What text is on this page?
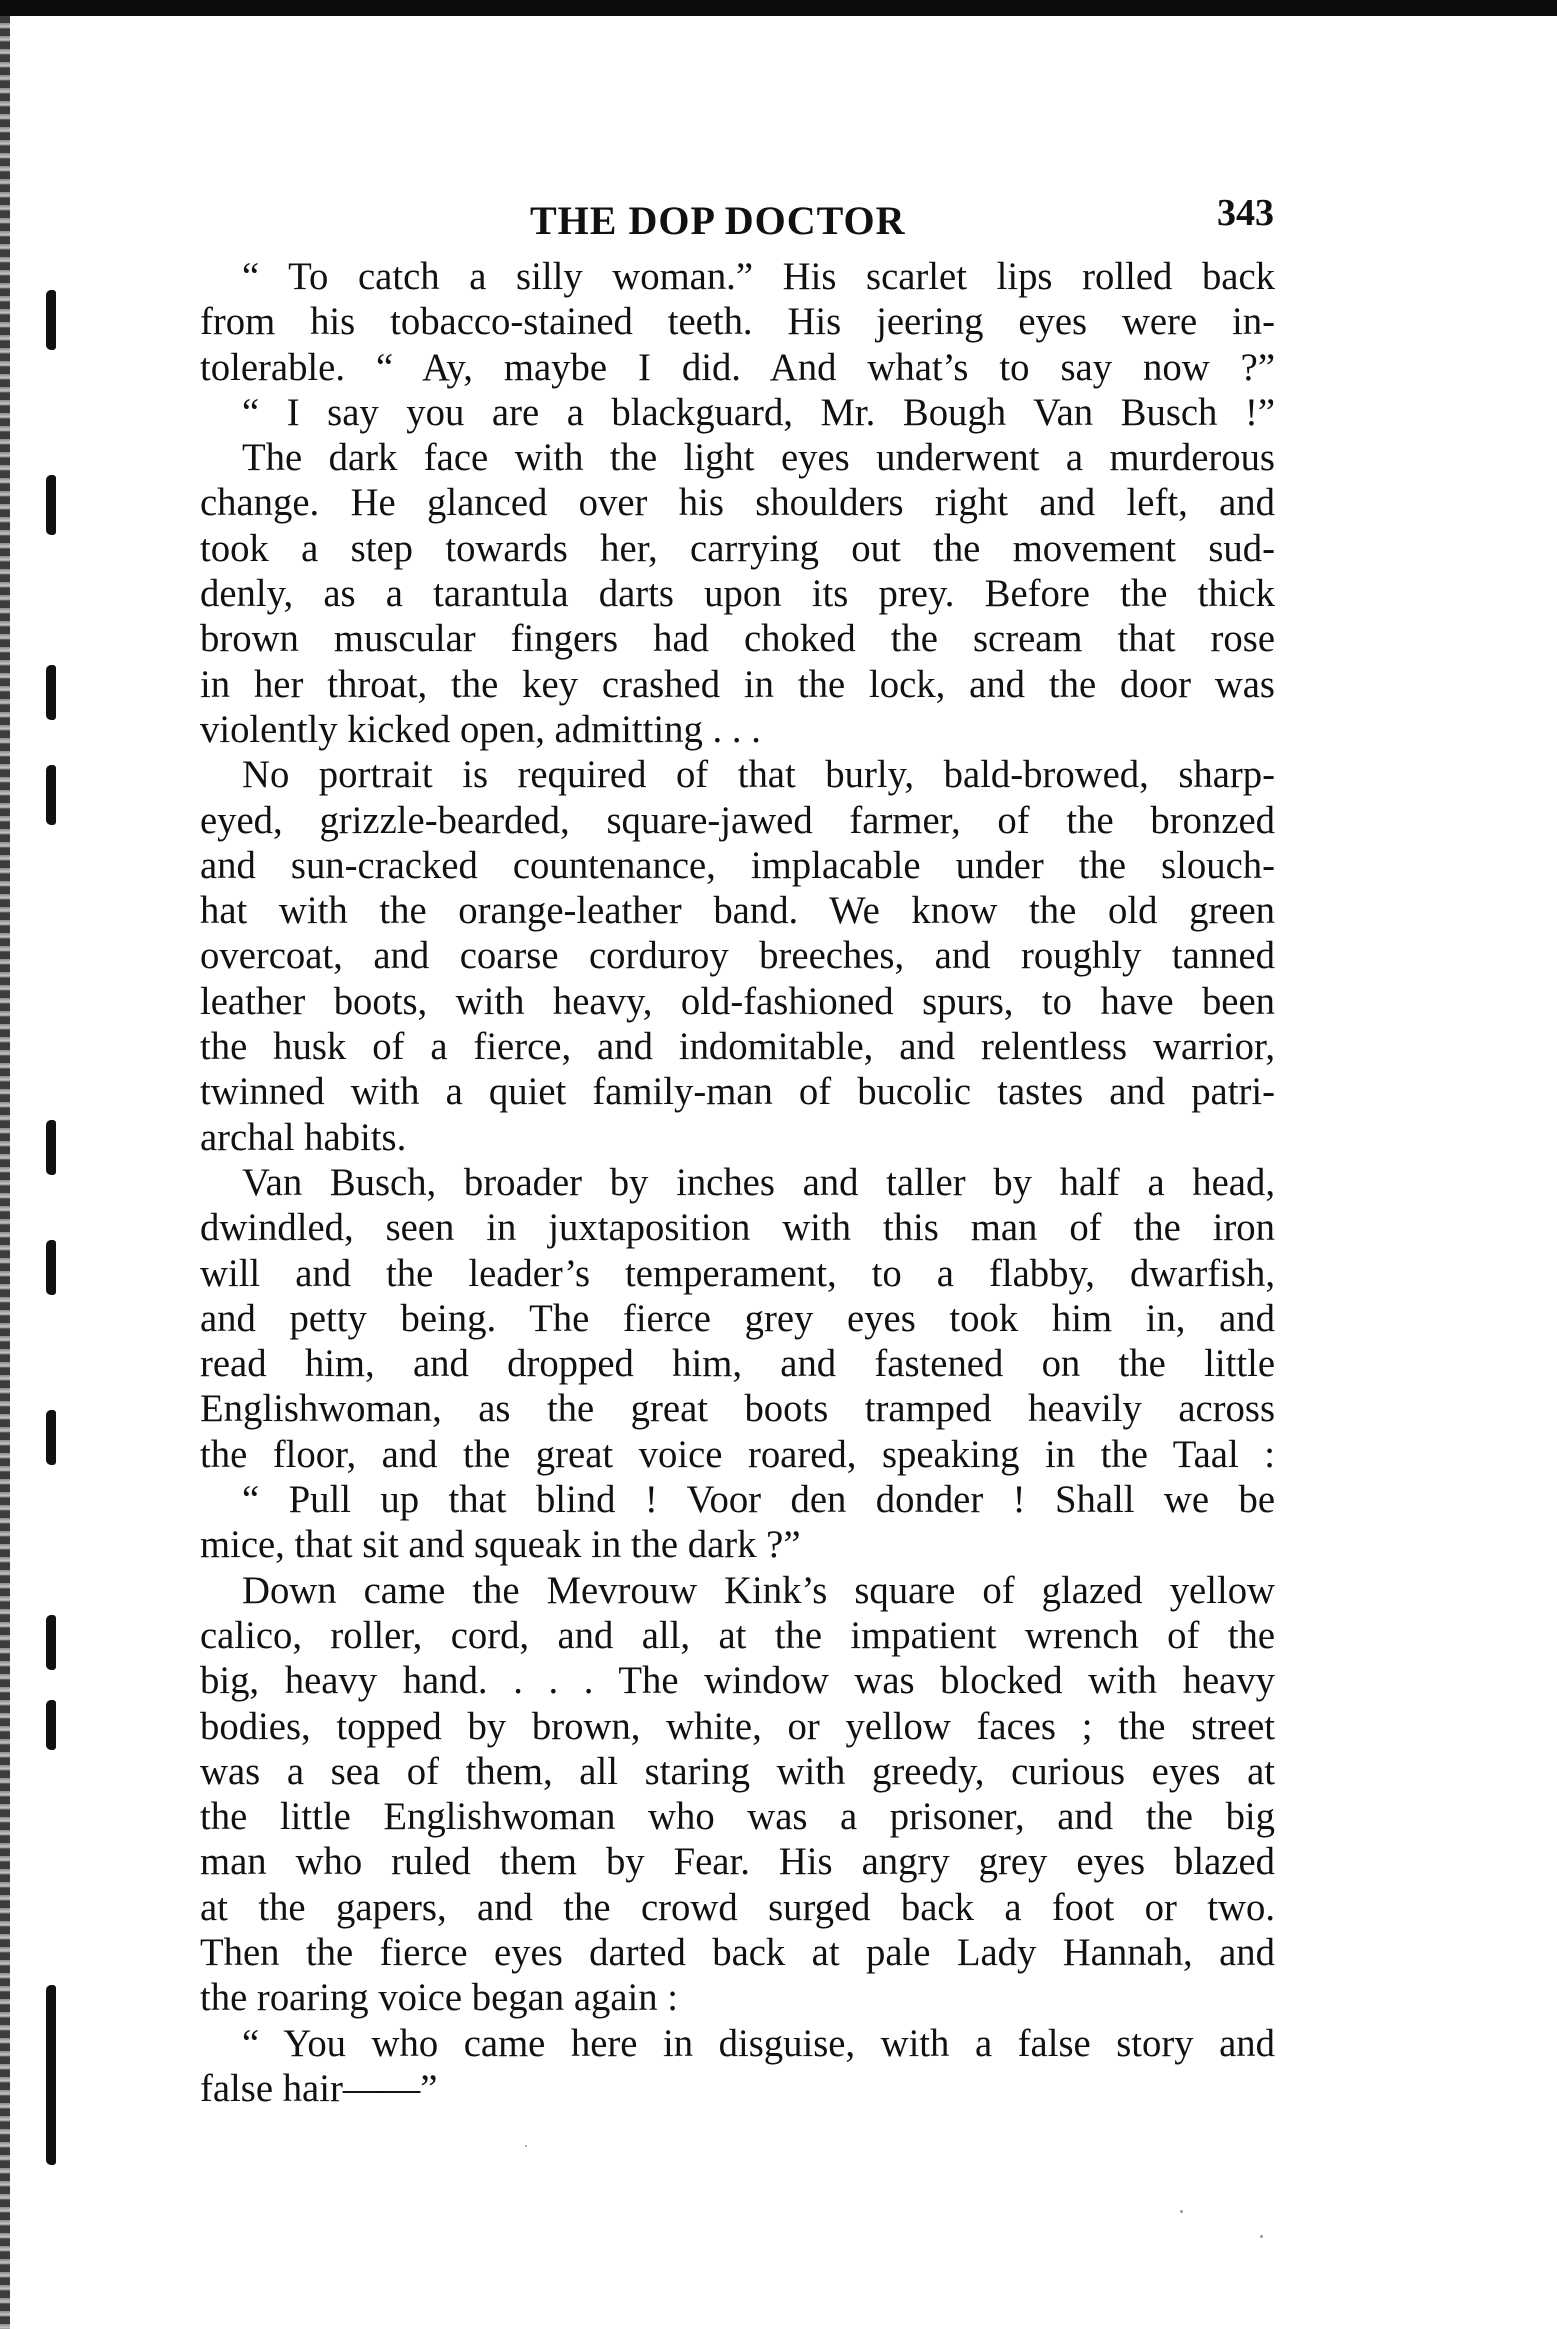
THE DOP DOCTOR	343

“ To catch a silly woman.” His scarlet lips rolled back

from his tobacco-stained teeth. His jeering eyes were in-

tolerable. “ Ay, maybe I did. And what’s to say now ?”

“ I say you are a blackguard, Mr. Bough Van Busch !”

The dark face with the light eyes underwent a murderous

change. He glanced over his shoulders right and left, and

took a step towards her, carrying out the movement sud-

denly, as a tarantula darts upon its prey. Before the thick

brown muscular fingers had choked the scream that rose

in her throat, the key crashed in the lock, and the door was

violently kicked open, admitting . . .

No portrait is required of that burly, bald-browed, sharp-

eyed, grizzle-bearded, square-jawed farmer, of the bronzed

and sun-cracked countenance, implacable under the slouch-

hat with the orange-leather band. We know the old green

overcoat, and coarse corduroy breeches, and roughly tanned

leather boots, with heavy, old-fashioned spurs, to have been

the husk of a fierce, and indomitable, and relentless warrior,

twinned with a quiet family-man of bucolic tastes and patri-

archal habits.

Van Busch, broader by inches and taller by half a head,

dwindled, seen in juxtaposition with this man of the iron

will and the leader’s temperament, to a flabby, dwarfish,

and petty being. The fierce grey eyes took him in, and

read him, and dropped him, and fastened on the little

Englishwoman, as the great boots tramped heavily across

the floor, and the great voice roared, speaking in the Taal :

“ Pull up that blind ! Voor den donder ! Shall we be

mice, that sit and squeak in the dark ?”

Down came the Mevrouw Kink’s square of glazed yellow

calico, roller, cord, and all, at the impatient wrench of the

big, heavy hand. . . . The window was blocked with heavy

bodies, topped by brown, white, or yellow faces ; the street

was a sea of them, all staring with greedy, curious eyes at

the little Englishwoman who was a prisoner, and the big

man who ruled them by Fear. His angry grey eyes blazed

at the gapers, and the crowd surged back a foot or two.

Then the fierce eyes darted back at pale Lady Hannah, and

the roaring voice began again :

“ You who came here in disguise, with a false story and

false hair——”
